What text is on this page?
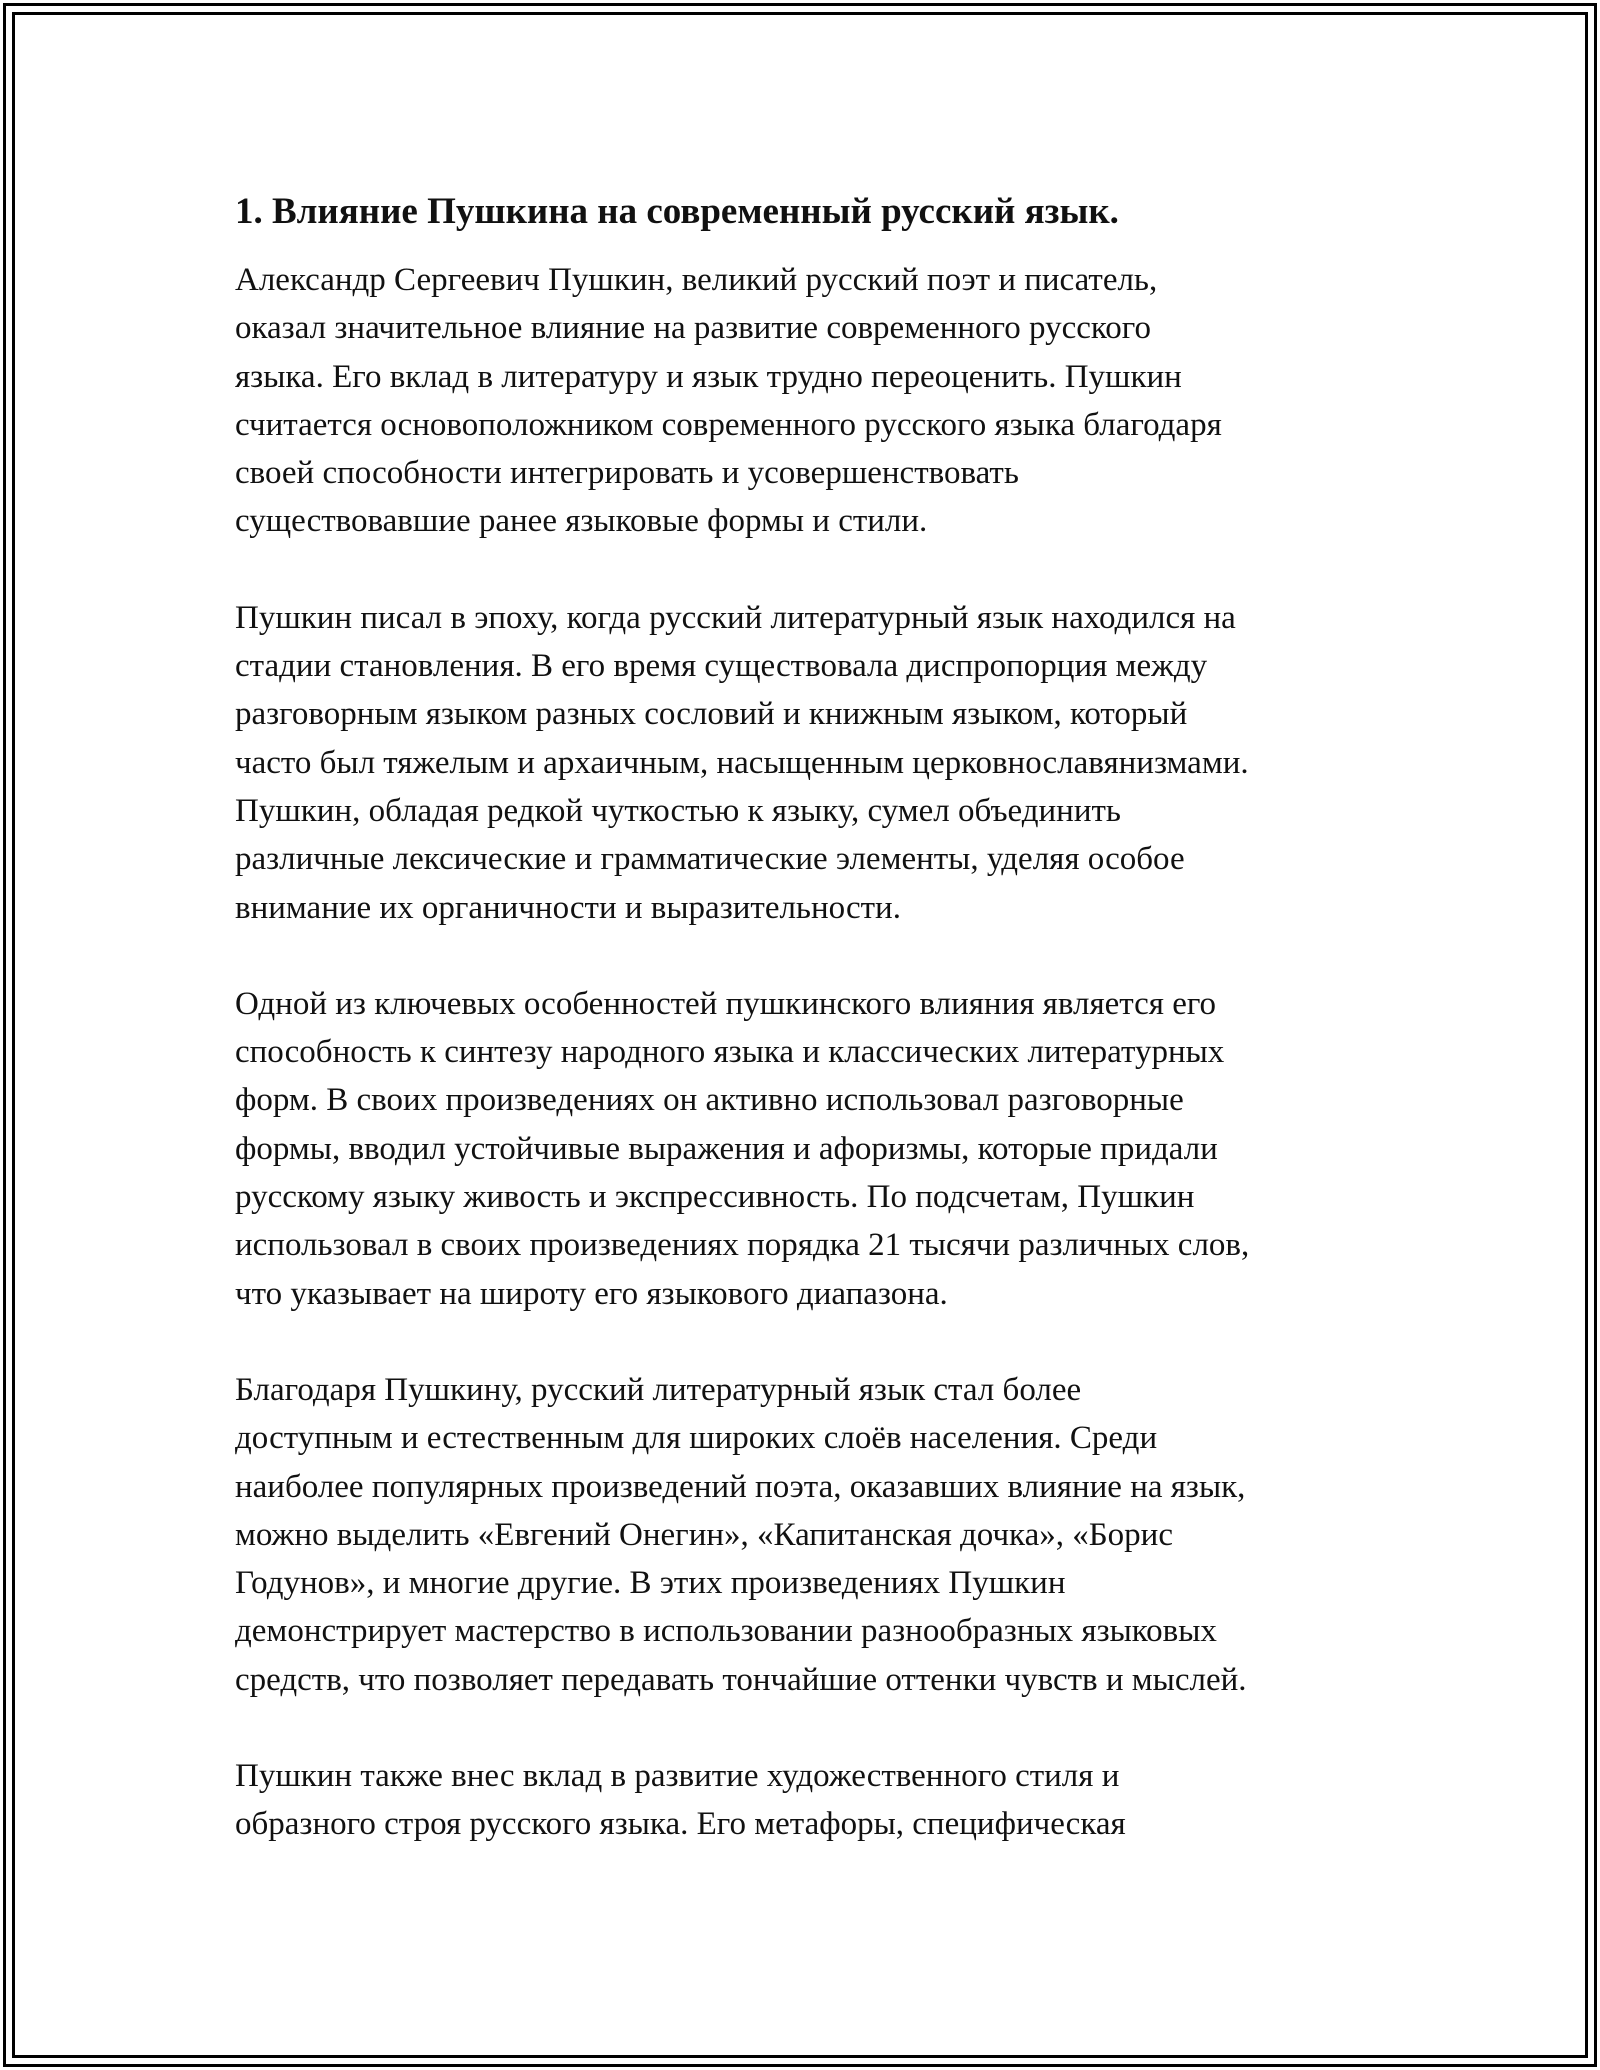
1. Влияние Пушкина на современный русский язык.

Александр Сергеевич Пушкин, великий русский поэт и писатель,
оказал значительное влияние на развитие современного русского
языка. Его вклад в литературу и язык трудно переоценить. Пушкин
считается основоположником современного русского языка благодаря
своей способности интегрировать и усовершенствовать
существовавшие ранее языковые формы и стили.

Пушкин писал в эпоху, когда русский литературный язык находился на
стадии становления. В его время существовала диспропорция между
разговорным языком разных сословий и книжным языком, который
часто был тяжелым и архаичным, насыщенным церковнославянизмами.
Пушкин, обладая редкой чуткостью к языку, сумел объединить
различные лексические и грамматические элементы, уделяя особое
внимание их органичности и выразительности.

Одной из ключевых особенностей пушкинского влияния является его
способность к синтезу народного языка и классических литературных
форм. В своих произведениях он активно использовал разговорные
формы, вводил устойчивые выражения и афоризмы, которые придали
русскому языку живость и экспрессивность. По подсчетам, Пушкин
использовал в своих произведениях порядка 21 тысячи различных слов,
что указывает на широту его языкового диапазона.

Благодаря Пушкину, русский литературный язык стал более
доступным и естественным для широких слоёв населения. Среди
наиболее популярных произведений поэта, оказавших влияние на язык,
можно выделить «Евгений Онегин», «Капитанская дочка», «Борис
Годунов», и многие другие. В этих произведениях Пушкин
демонстрирует мастерство в использовании разнообразных языковых
средств, что позволяет передавать тончайшие оттенки чувств и мыслей.

Пушкин также внес вклад в развитие художественного стиля и
образного строя русского языка. Его метафоры, специфическая
